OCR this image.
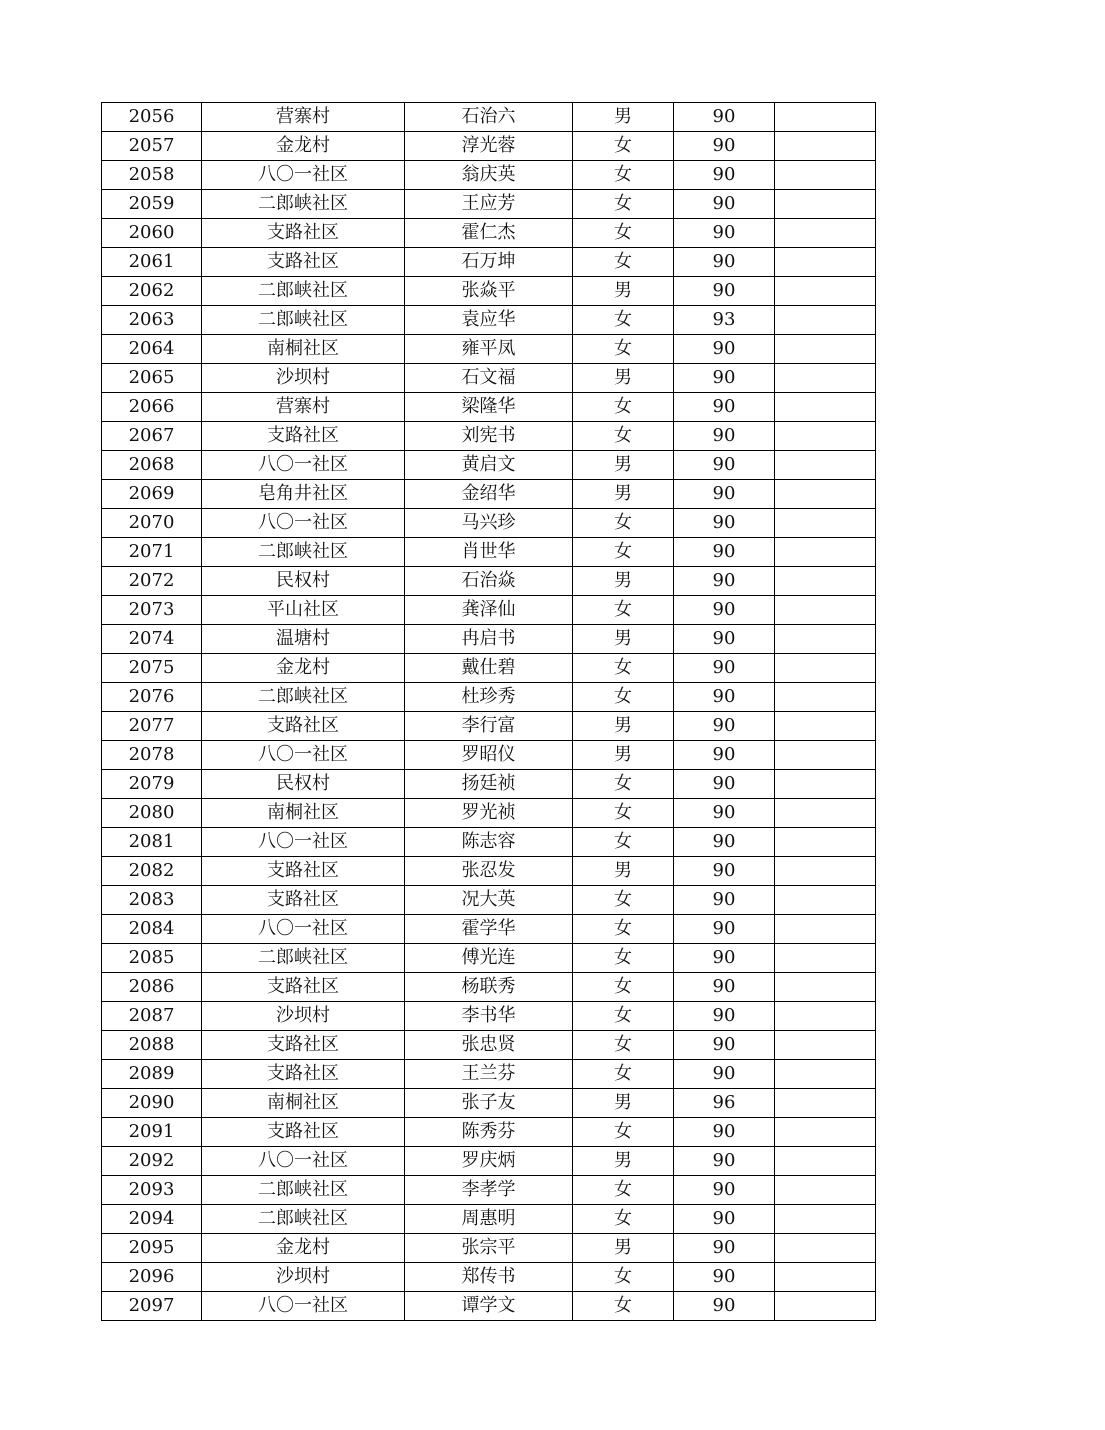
2056	营寨村	石治六	男	90	
2057	金龙村	淳光蓉	女	90	
2058	八〇一社区	翁庆英	女	90	
2059	二郎峡社区	王应芳	女	90	
2060	支路社区	霍仁杰	女	90	
2061	支路社区	石万坤	女	90	
2062	二郎峡社区	张焱平	男	90	
2063	二郎峡社区	袁应华	女	93	
2064	南桐社区	雍平凤	女	90	
2065	沙坝村	石文福	男	90	
2066	营寨村	梁隆华	女	90	
2067	支路社区	刘宪书	女	90	
2068	八〇一社区	黄启文	男	90	
2069	皂角井社区	金绍华	男	90	
2070	八〇一社区	马兴珍	女	90	
2071	二郎峡社区	肖世华	女	90	
2072	民权村	石治焱	男	90	
2073	平山社区	龚泽仙	女	90	
2074	温塘村	冉启书	男	90	
2075	金龙村	戴仕碧	女	90	
2076	二郎峡社区	杜珍秀	女	90	
2077	支路社区	李行富	男	90	
2078	八〇一社区	罗昭仪	男	90	
2079	民权村	扬廷祯	女	90	
2080	南桐社区	罗光祯	女	90	
2081	八〇一社区	陈志容	女	90	
2082	支路社区	张忍发	男	90	
2083	支路社区	况大英	女	90	
2084	八〇一社区	霍学华	女	90	
2085	二郎峡社区	傅光连	女	90	
2086	支路社区	杨联秀	女	90	
2087	沙坝村	李书华	女	90	
2088	支路社区	张忠贤	女	90	
2089	支路社区	王兰芬	女	90	
2090	南桐社区	张子友	男	96	
2091	支路社区	陈秀芬	女	90	
2092	八〇一社区	罗庆炳	男	90	
2093	二郎峡社区	李孝学	女	90	
2094	二郎峡社区	周惠明	女	90	
2095	金龙村	张宗平	男	90	
2096	沙坝村	郑传书	女	90	
2097	八〇一社区	谭学文	女	90	
